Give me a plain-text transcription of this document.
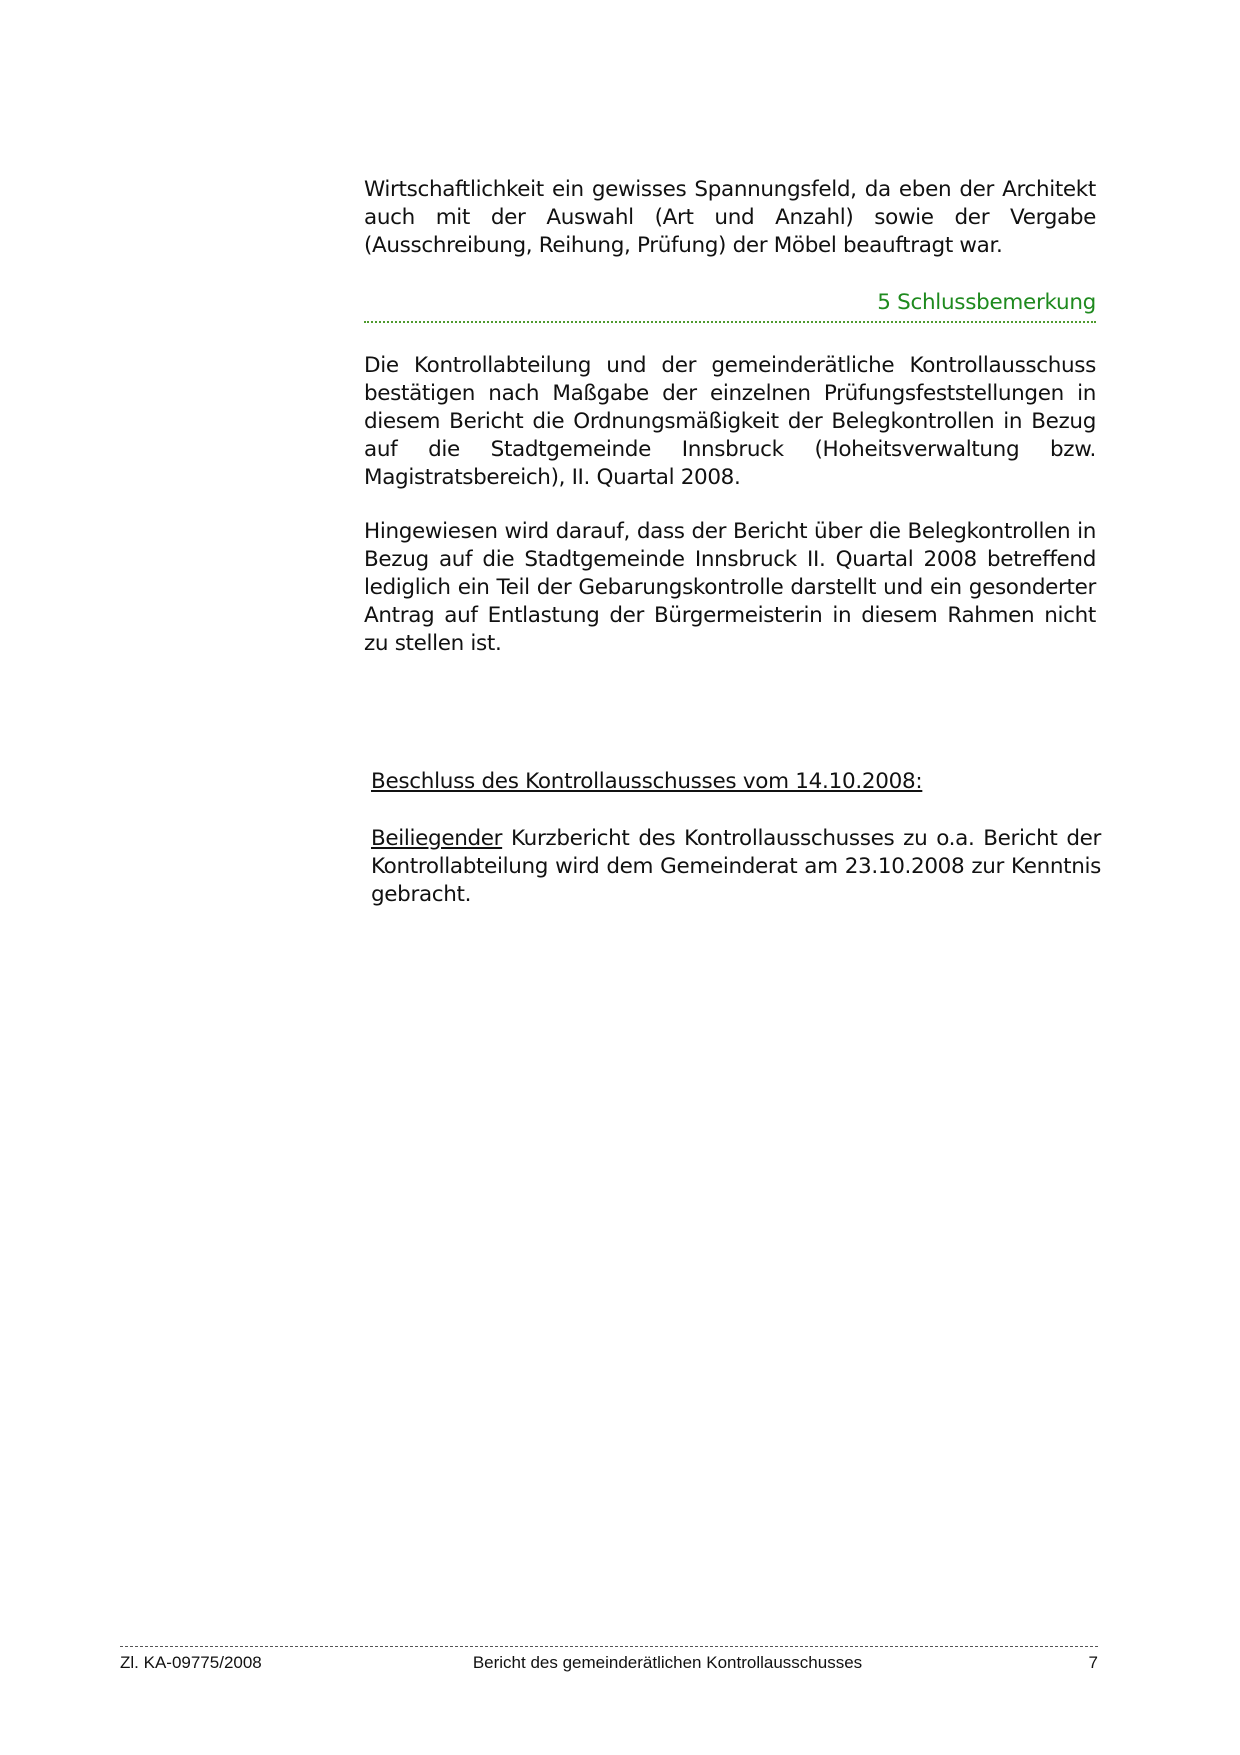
Wirtschaftlichkeit ein gewisses Spannungsfeld, da eben der Architekt auch mit der Auswahl (Art und Anzahl) sowie der Vergabe (Ausschreibung, Reihung, Prüfung) der Möbel beauftragt war.

5 Schlussbemerkung

Die Kontrollabteilung und der gemeinderätliche Kontrollausschuss bestätigen nach Maßgabe der einzelnen Prüfungsfeststellungen in diesem Bericht die Ordnungsmäßigkeit der Belegkontrollen in Bezug auf die Stadtgemeinde Innsbruck (Hoheitsverwaltung bzw. Magistratsbereich), II. Quartal 2008.

Hingewiesen wird darauf, dass der Bericht über die Belegkontrollen in Bezug auf die Stadtgemeinde Innsbruck II. Quartal 2008 betreffend lediglich ein Teil der Gebarungskontrolle darstellt und ein gesonderter Antrag auf Entlastung der Bürgermeisterin in diesem Rahmen nicht zu stellen ist.

Beschluss des Kontrollausschusses vom 14.10.2008:

Beiliegender Kurzbericht des Kontrollausschusses zu o.a. Bericht der Kontrollabteilung wird dem Gemeinderat am 23.10.2008 zur Kenntnis gebracht.

Zl. KA-09775/2008	Bericht des gemeinderätlichen Kontrollausschusses	7
